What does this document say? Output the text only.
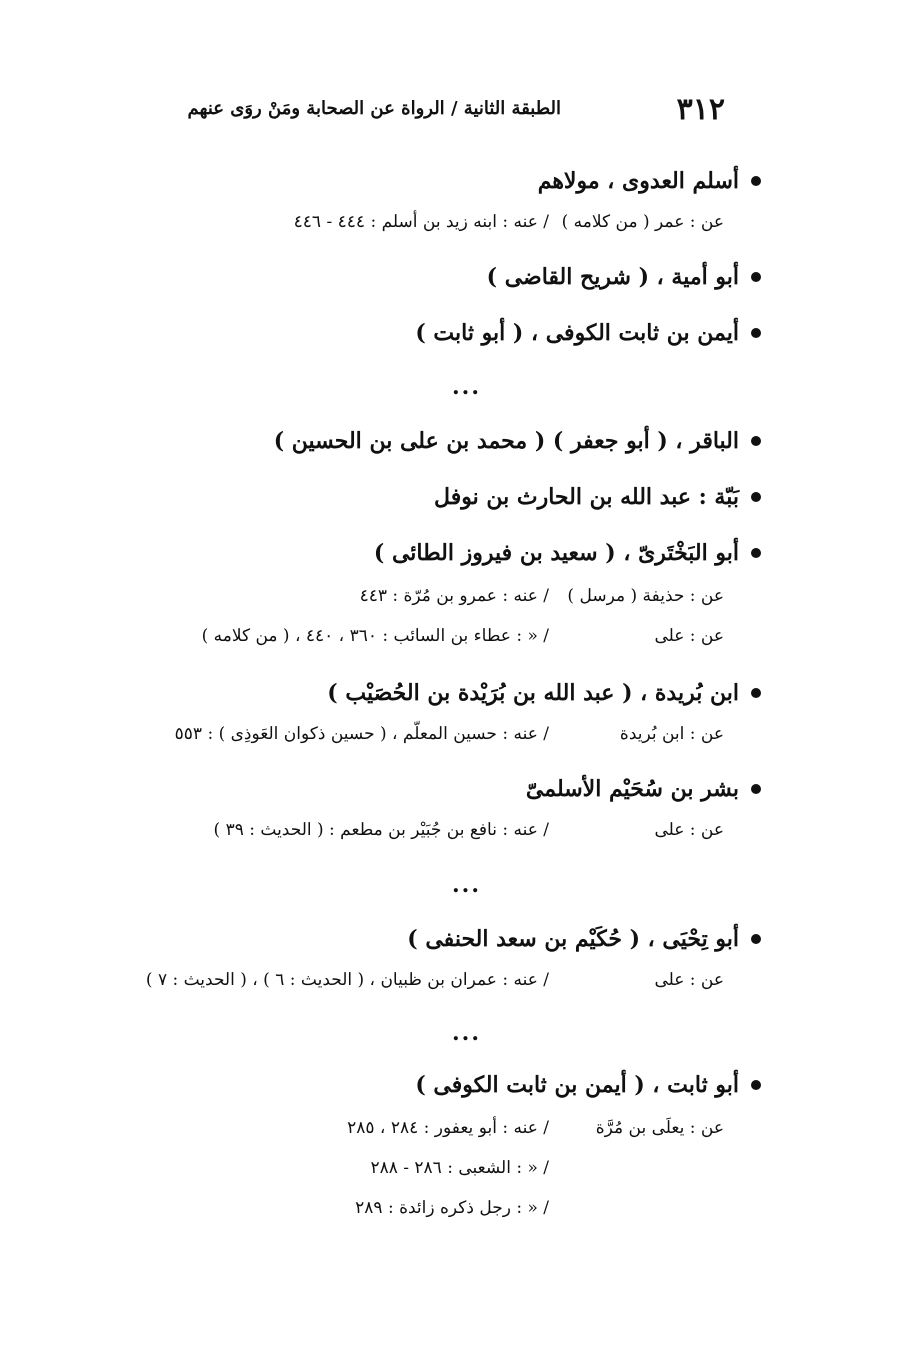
٣١٢
الطبقة الثانية / الرواة عن الصحابة ومَنْ روَى عنهم
أسلم العدوى ، مولاهم
عن : عمر ( من كلامه )
/ عنه : ابنه زيد بن أسلم : ٤٤٤ - ٤٤٦
أبو أمية ، ( شريح القاضى )
أيمن بن ثابت الكوفى ، ( أبو ثابت )
...
الباقر ، ( أبو جعفر ) ( محمد بن على بن الحسين )
بَبّة : عبد الله بن الحارث بن نوفل
أبو البَخْتَرىّ ، ( سعيد بن فيروز الطائى )
عن : حذيفة ( مرسل )
/ عنه : عمرو بن مُرّة : ٤٤٣
عن : على
/ « : عطاء بن السائب : ٣٦٠ ، ٤٤٠ ، ( من كلامه )
ابن بُريدة ، ( عبد الله بن بُرَيْدة بن الحُصَيْب )
عن : ابن بُريدة
/ عنه : حسين المعلّم ، ( حسين ذكوان العَوذِى ) : ٥٥٣
بشر بن سُحَيْم الأسلمىّ
عن : على
/ عنه : نافع بن جُبَيْر بن مطعم : ( الحديث : ٣٩ )
...
أبو تِحْيَى ، ( حُكَيْم بن سعد الحنفى )
عن : على
/ عنه : عمران بن ظبيان ، ( الحديث : ٦ ) ، ( الحديث : ٧ )
...
أبو ثابت ، ( أيمن بن ثابت الكوفى )
عن : يعلَى بن مُرَّة
/ عنه : أبو يعفور : ٢٨٤ ، ٢٨٥
/ « : الشعبى : ٢٨٦ - ٢٨٨
/ « : رجل ذكره زائدة : ٢٨٩
